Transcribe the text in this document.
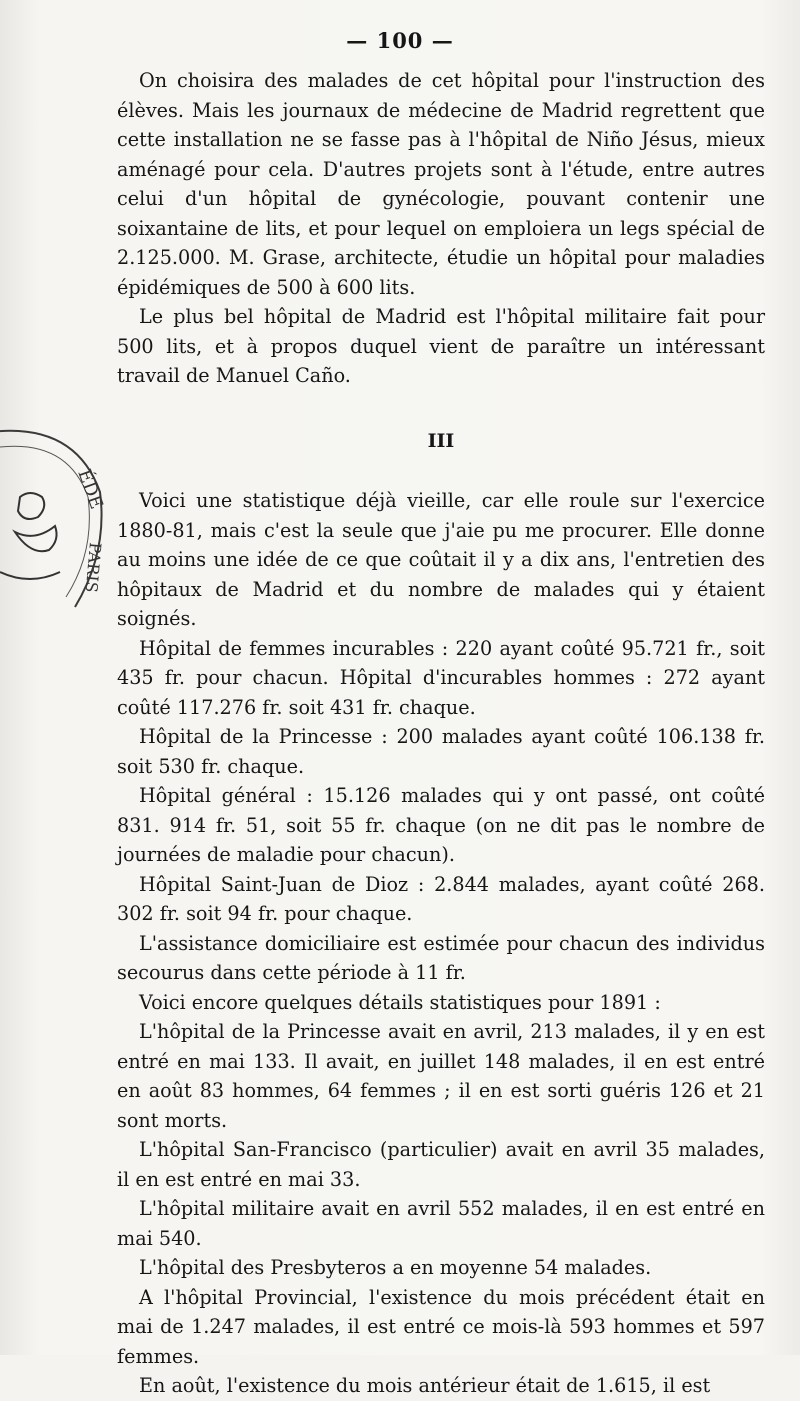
— 100 —
ÉDE
PARIS

On choisira des malades de cet hôpital pour l'instruction des élèves. Mais les journaux de médecine de Madrid regrettent que cette installation ne se fasse pas à l'hôpital de Niño Jésus, mieux aménagé pour cela. D'autres projets sont à l'étude, entre autres celui d'un hôpital de gynécologie, pouvant contenir une soixantaine de lits, et pour lequel on emploiera un legs spécial de 2.125.000. M. Grase, architecte, étudie un hôpital pour maladies épidémiques de 500 à 600 lits.

Le plus bel hôpital de Madrid est l'hôpital militaire fait pour 500 lits, et à propos duquel vient de paraître un intéressant travail de Manuel Caño.

III

Voici une statistique déjà vieille, car elle roule sur l'exercice 1880-81, mais c'est la seule que j'aie pu me procurer. Elle donne au moins une idée de ce que coûtait il y a dix ans, l'entretien des hôpitaux de Madrid et du nombre de malades qui y étaient soignés.

Hôpital de femmes incurables : 220 ayant coûté 95.721 fr., soit 435 fr. pour chacun. Hôpital d'incurables hommes : 272 ayant coûté 117.276 fr. soit 431 fr. chaque.

Hôpital de la Princesse : 200 malades ayant coûté 106.138 fr. soit 530 fr. chaque.

Hôpital général : 15.126 malades qui y ont passé, ont coûté 831. 914 fr. 51, soit 55 fr. chaque (on ne dit pas le nombre de journées de maladie pour chacun).

Hôpital Saint-Juan de Dioz : 2.844 malades, ayant coûté 268. 302 fr. soit 94 fr. pour chaque.

L'assistance domiciliaire est estimée pour chacun des individus secourus dans cette période à 11 fr.

Voici encore quelques détails statistiques pour 1891 :

L'hôpital de la Princesse avait en avril, 213 malades, il y en est entré en mai 133. Il avait, en juillet 148 malades, il en est entré en août 83 hommes, 64 femmes ; il en est sorti guéris 126 et 21 sont morts.

L'hôpital San-Francisco (particulier) avait en avril 35 malades, il en est entré en mai 33.

L'hôpital militaire avait en avril 552 malades, il en est entré en mai 540.

L'hôpital des Presbyteros a en moyenne 54 malades.

A l'hôpital Provincial, l'existence du mois précédent était en mai de 1.247 malades, il est entré ce mois-là 593 hommes et 597 femmes.

En août, l'existence du mois antérieur était de 1.615, il est
